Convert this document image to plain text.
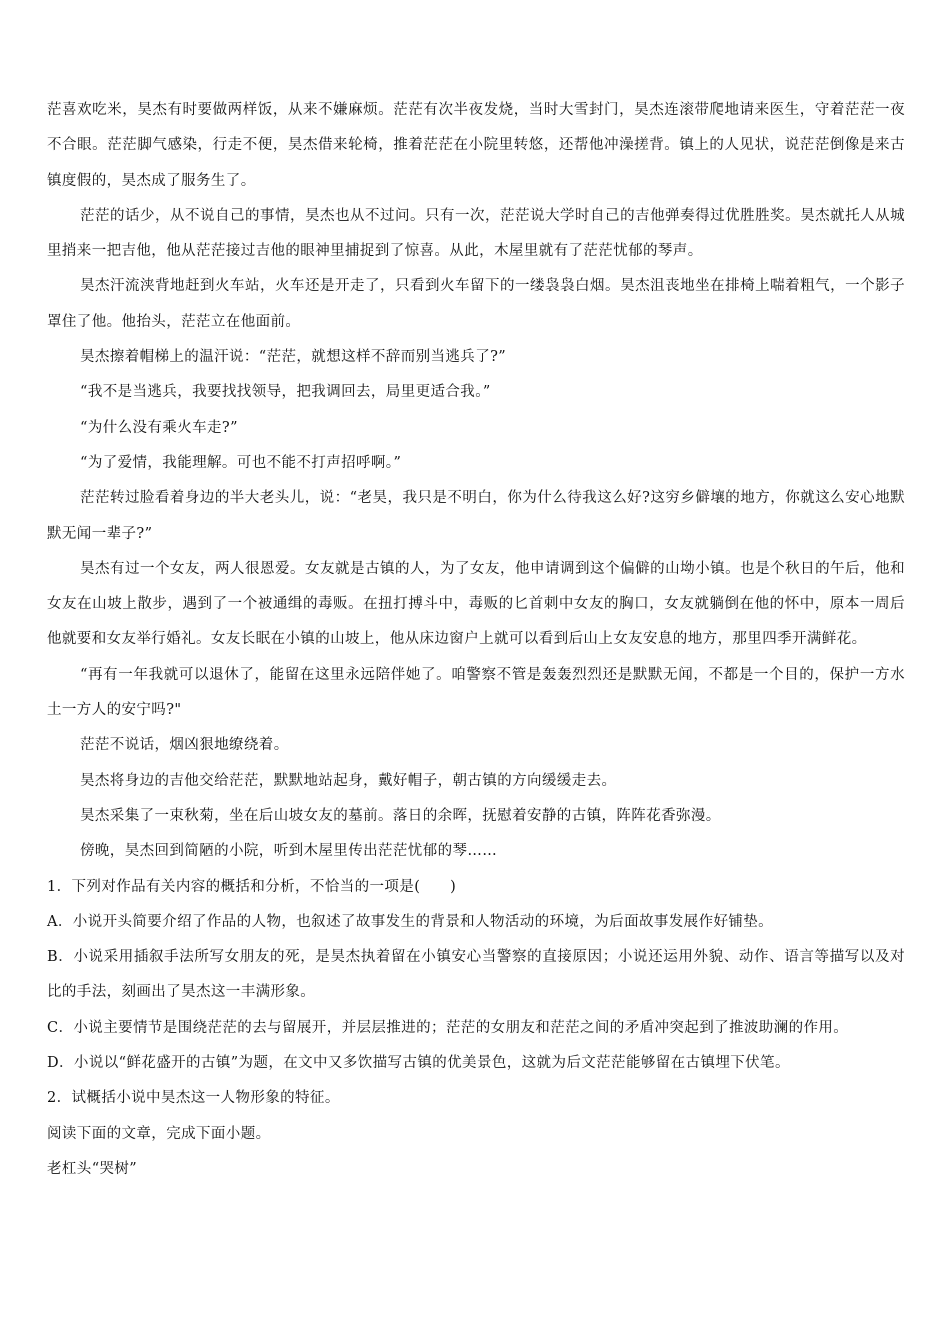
茫喜欢吃米，昊杰有时要做两样饭，从来不嫌麻烦。茫茫有次半夜发烧，当时大雪封门，昊杰连滚带爬地请来医生，守着茫茫一夜不合眼。茫茫脚气感染，行走不便，昊杰借来轮椅，推着茫茫在小院里转悠，还帮他冲澡搓背。镇上的人见状，说茫茫倒像是来古镇度假的，昊杰成了服务生了。

茫茫的话少，从不说自己的事情，昊杰也从不过问。只有一次，茫茫说大学时自己的吉他弹奏得过优胜胜奖。昊杰就托人从城里捎来一把吉他，他从茫茫接过吉他的眼神里捕捉到了惊喜。从此，木屋里就有了茫茫忧郁的琴声。

昊杰汗流浃背地赶到火车站，火车还是开走了，只看到火车留下的一缕袅袅白烟。昊杰沮丧地坐在排椅上喘着粗气，一个影子罩住了他。他抬头，茫茫立在他面前。

昊杰擦着帽梯上的温汗说：“茫茫，就想这样不辞而别当逃兵了?”

“我不是当逃兵，我要找找领导，把我调回去，局里更适合我。”

“为什么没有乘火车走?”

“为了爱情，我能理解。可也不能不打声招呼啊。”

茫茫转过脸看着身边的半大老头儿，说：“老昊，我只是不明白，你为什么待我这么好?这穷乡僻壤的地方，你就这么安心地默默无闻一辈子?”

昊杰有过一个女友，两人很恩爱。女友就是古镇的人，为了女友，他申请调到这个偏僻的山坳小镇。也是个秋日的午后，他和女友在山坡上散步，遇到了一个被通缉的毒贩。在扭打搏斗中，毒贩的匕首刺中女友的胸口，女友就躺倒在他的怀中，原本一周后他就要和女友举行婚礼。女友长眠在小镇的山坡上，他从床边窗户上就可以看到后山上女友安息的地方，那里四季开满鲜花。

“再有一年我就可以退休了，能留在这里永远陪伴她了。咱警察不管是轰轰烈烈还是默默无闻，不都是一个目的，保护一方水土一方人的安宁吗?"

茫茫不说话，烟凶狠地缭绕着。

昊杰将身边的吉他交给茫茫，默默地站起身，戴好帽子，朝古镇的方向缓缓走去。

昊杰采集了一束秋菊，坐在后山坡女友的墓前。落日的余晖，抚慰着安静的古镇，阵阵花香弥漫。

傍晚，昊杰回到简陋的小院，听到木屋里传出茫茫忧郁的琴……

1．下列对作品有关内容的概括和分析，不恰当的一项是(　　)

A．小说开头简要介绍了作品的人物，也叙述了故事发生的背景和人物活动的环境，为后面故事发展作好铺垫。

B．小说采用插叙手法所写女朋友的死，是昊杰执着留在小镇安心当警察的直接原因；小说还运用外貌、动作、语言等描写以及对比的手法，刻画出了昊杰这一丰满形象。

C．小说主要情节是围绕茫茫的去与留展开，并层层推进的；茫茫的女朋友和茫茫之间的矛盾冲突起到了推波助澜的作用。

D．小说以“鲜花盛开的古镇”为题，在文中又多饮描写古镇的优美景色，这就为后文茫茫能够留在古镇埋下伏笔。

2．试概括小说中昊杰这一人物形象的特征。

阅读下面的文章，完成下面小题。

老杠头“哭树”
